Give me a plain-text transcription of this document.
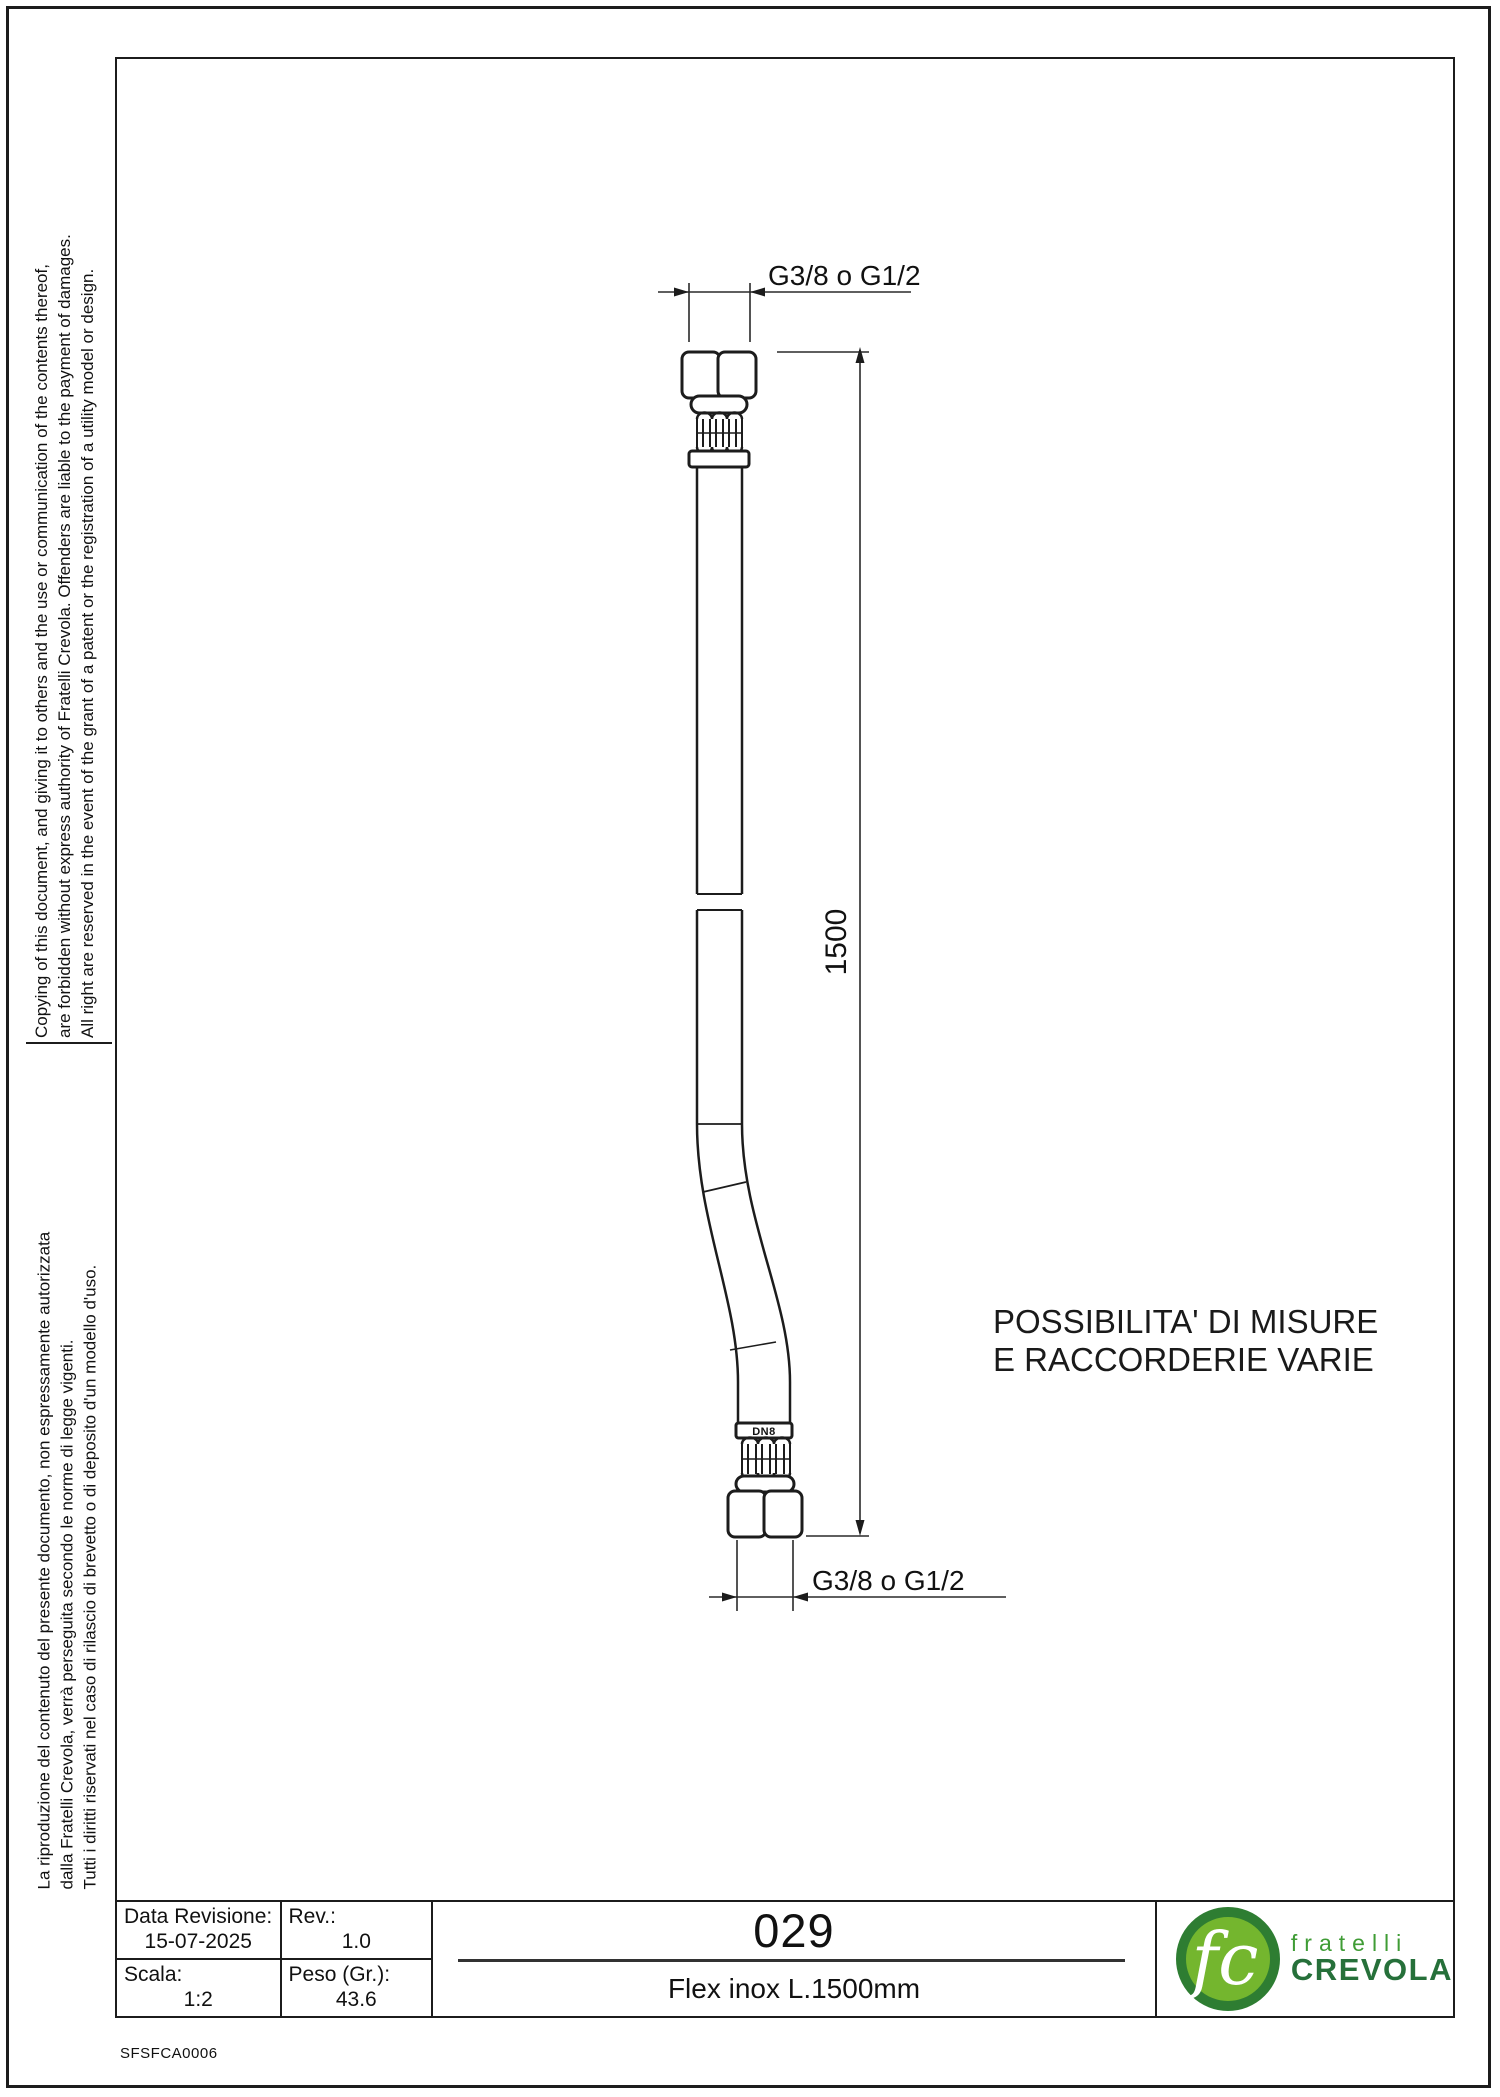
Copying of this document, and giving it to others and the use or communication of the contents thereof, are forbidden without express authority of Fratelli Crevola. Offenders are liable to the payment of damages. All right are reserved in the event of the grant of a patent or the registration of a utility model or design.
La riproduzione del contenuto del presente documento, non espressamente autorizzata dalla Fratelli Crevola, verrà perseguita secondo le norme di legge vigenti. Tutti i diritti riservati nel caso di rilascio di brevetto o di deposito d'un modello d'uso.	DN8
G3/8 o G1/2
1500
G3/8 o G1/2
POSSIBILITA' DI MISURE
E RACCORDERIE VARIE
Data Revisione:
15-07-2025
Scala:
1:2
Rev.:
1.0
Peso (Gr.):
43.6
029
Flex inox L.1500mm	fc fratelli
CREVOLA
SFSFCA0006
